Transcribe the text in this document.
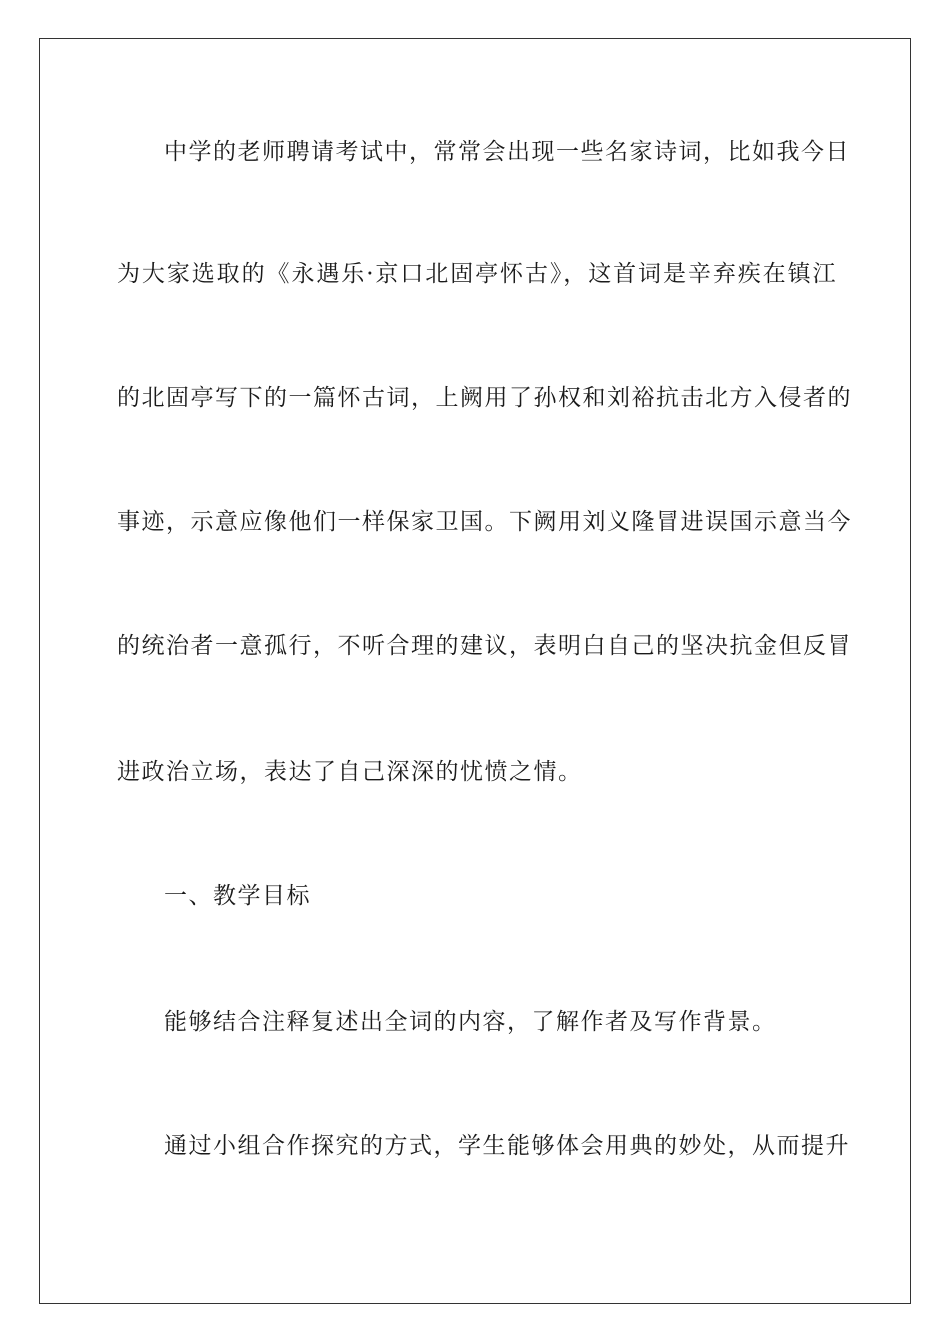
中学的老师聘请考试中，常常会出现一些名家诗词，比如我今日
为大家选取的《永遇乐·京口北固亭怀古》，这首词是辛弃疾在镇江
的北固亭写下的一篇怀古词，上阙用了孙权和刘裕抗击北方入侵者的
事迹，示意应像他们一样保家卫国。下阙用刘义隆冒进误国示意当今
的统治者一意孤行，不听合理的建议，表明白自己的坚决抗金但反冒
进政治立场，表达了自己深深的忧愤之情。
一、教学目标
能够结合注释复述出全词的内容，了解作者及写作背景。
通过小组合作探究的方式，学生能够体会用典的妙处，从而提升
